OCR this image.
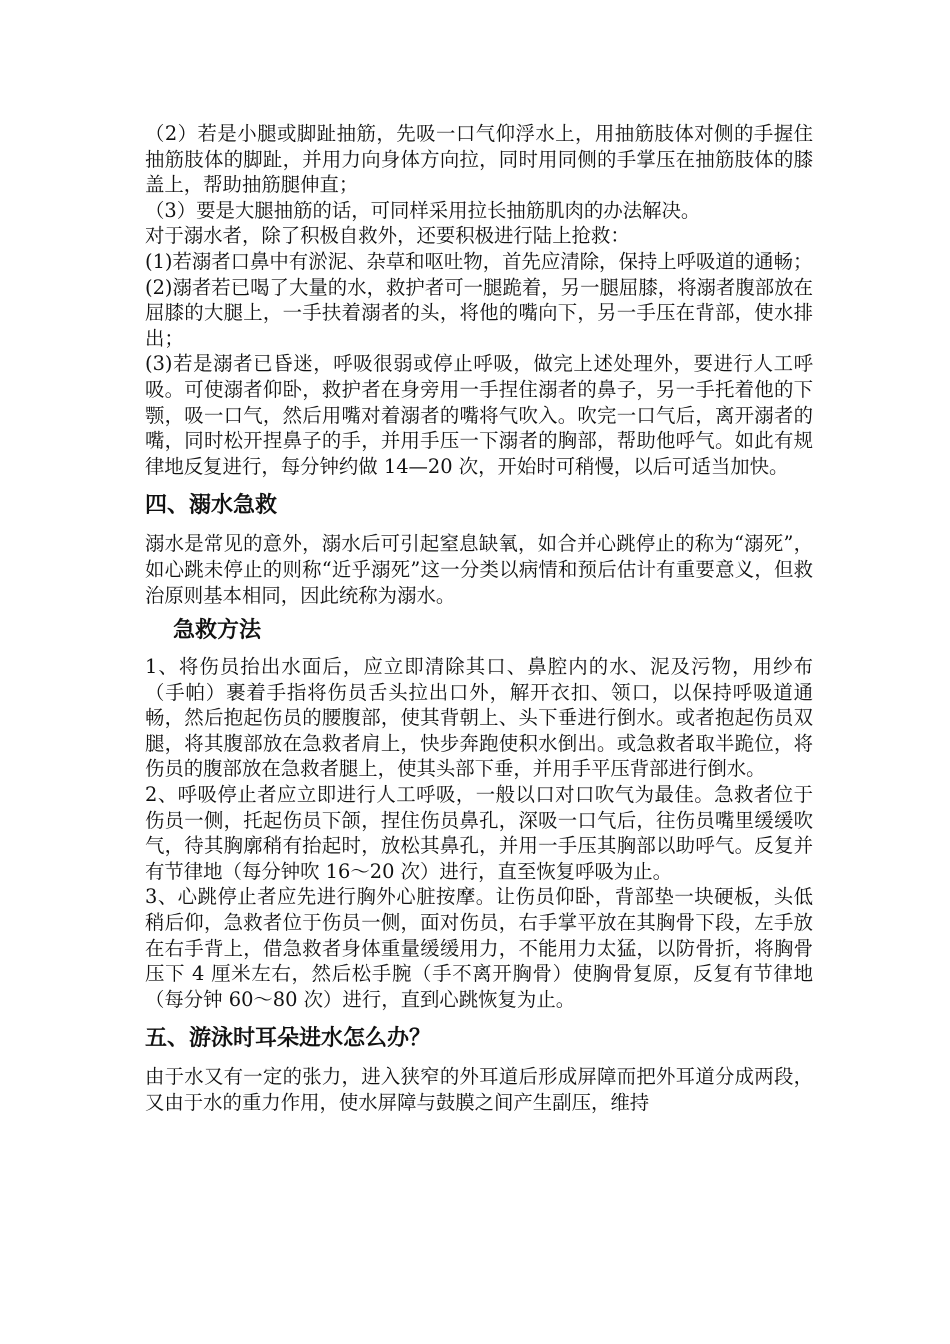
（2）若是小腿或脚趾抽筋，先吸一口气仰浮水上，用抽筋肢体对侧的手握住抽筋肢体的脚趾，并用力向身体方向拉，同时用同侧的手掌压在抽筋肢体的膝盖上，帮助抽筋腿伸直；

（3）要是大腿抽筋的话，可同样采用拉长抽筋肌肉的办法解决。

对于溺水者，除了积极自救外，还要积极进行陆上抢救：

(1)若溺者口鼻中有淤泥、杂草和呕吐物，首先应清除，保持上呼吸道的通畅；

(2)溺者若已喝了大量的水，救护者可一腿跪着，另一腿屈膝，将溺者腹部放在屈膝的大腿上，一手扶着溺者的头，将他的嘴向下，另一手压在背部，使水排出；

(3)若是溺者已昏迷，呼吸很弱或停止呼吸，做完上述处理外，要进行人工呼吸。可使溺者仰卧，救护者在身旁用一手捏住溺者的鼻子，另一手托着他的下颚，吸一口气，然后用嘴对着溺者的嘴将气吹入。吹完一口气后，离开溺者的嘴，同时松开捏鼻子的手，并用手压一下溺者的胸部，帮助他呼气。如此有规律地反复进行，每分钟约做 14—20 次，开始时可稍慢，以后可适当加快。

四、溺水急救

溺水是常见的意外，溺水后可引起窒息缺氧，如合并心跳停止的称为“溺死”，如心跳未停止的则称“近乎溺死”这一分类以病情和预后估计有重要意义，但救治原则基本相同，因此统称为溺水。

急救方法

1、将伤员抬出水面后，应立即清除其口、鼻腔内的水、泥及污物，用纱布（手帕）裹着手指将伤员舌头拉出口外，解开衣扣、领口，以保持呼吸道通畅，然后抱起伤员的腰腹部，使其背朝上、头下垂进行倒水。或者抱起伤员双腿，将其腹部放在急救者肩上，快步奔跑使积水倒出。或急救者取半跪位，将伤员的腹部放在急救者腿上，使其头部下垂，并用手平压背部进行倒水。

2、呼吸停止者应立即进行人工呼吸，一般以口对口吹气为最佳。急救者位于伤员一侧，托起伤员下颌，捏住伤员鼻孔，深吸一口气后，往伤员嘴里缓缓吹气，待其胸廓稍有抬起时，放松其鼻孔，并用一手压其胸部以助呼气。反复并有节律地（每分钟吹 16～20 次）进行，直至恢复呼吸为止。

3、心跳停止者应先进行胸外心脏按摩。让伤员仰卧，背部垫一块硬板，头低稍后仰，急救者位于伤员一侧，面对伤员，右手掌平放在其胸骨下段，左手放在右手背上，借急救者身体重量缓缓用力，不能用力太猛，以防骨折，将胸骨压下 4 厘米左右，然后松手腕（手不离开胸骨）使胸骨复原，反复有节律地（每分钟 60～80 次）进行，直到心跳恢复为止。

五、游泳时耳朵进水怎么办？

由于水又有一定的张力，进入狭窄的外耳道后形成屏障而把外耳道分成两段，又由于水的重力作用，使水屏障与鼓膜之间产生副压，维持
